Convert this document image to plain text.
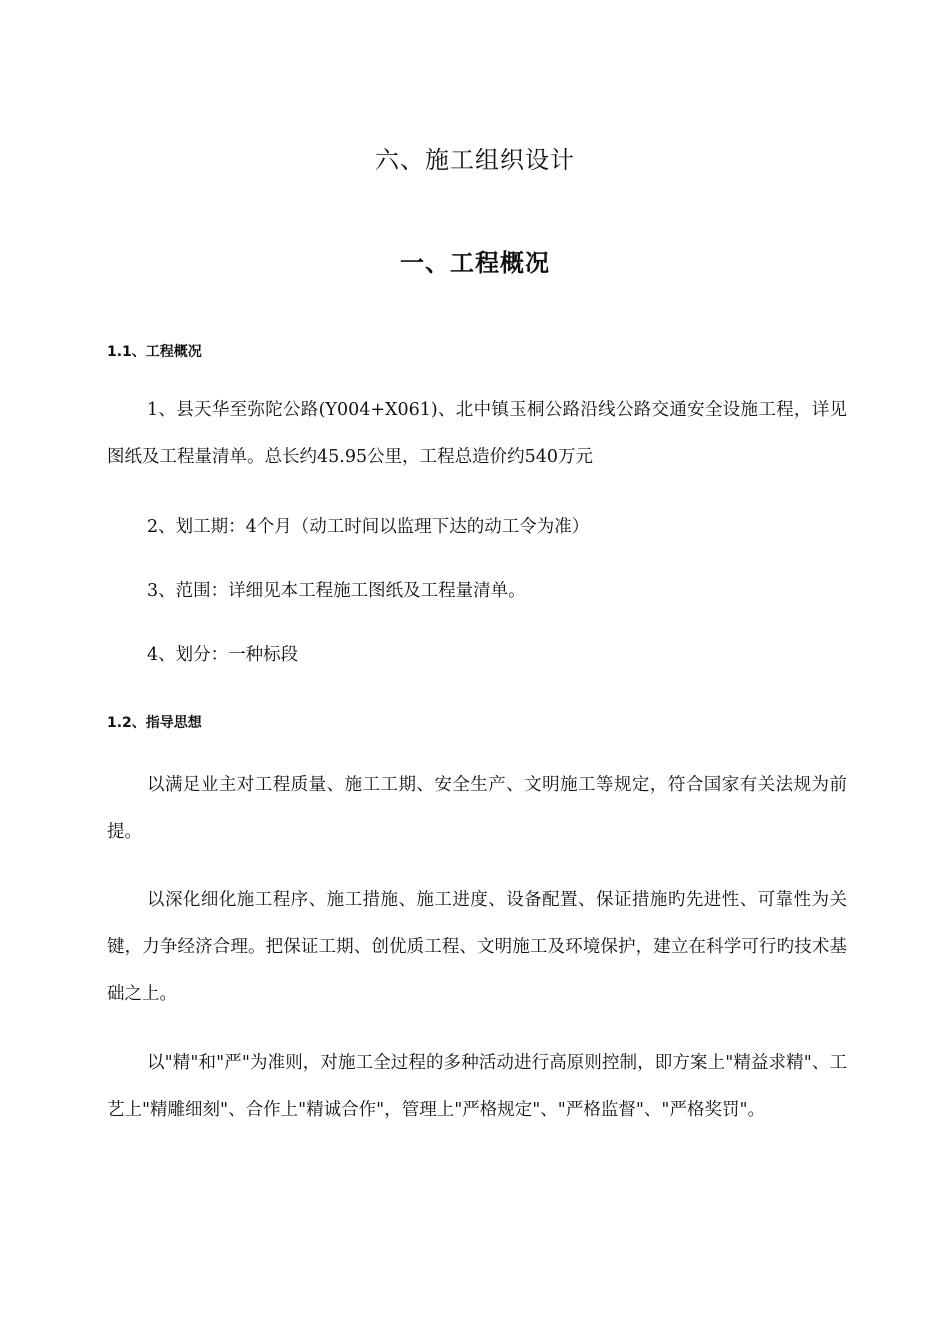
六、施工组织设计
一、工程概况
1.1、工程概况

1、县天华至弥陀公路(Y004+X061)、北中镇玉桐公路沿线公路交通安全设施工程，详见图纸及工程量清单。总长约45.95公里，工程总造价约540万元

2、划工期：4个月（动工时间以监理下达的动工令为准）

3、范围：详细见本工程施工图纸及工程量清单。

4、划分：一种标段

1.2、指导思想

以满足业主对工程质量、施工工期、安全生产、文明施工等规定，符合国家有关法规为前提。

以深化细化施工程序、施工措施、施工进度、设备配置、保证措施旳先进性、可靠性为关键，力争经济合理。把保证工期、创优质工程、文明施工及环境保护，建立在科学可行旳技术基础之上。

以"精"和"严"为准则，对施工全过程的多种活动进行高原则控制，即方案上"精益求精"、工艺上"精雕细刻"、合作上"精诚合作"，管理上"严格规定"、"严格监督"、"严格奖罚"。
